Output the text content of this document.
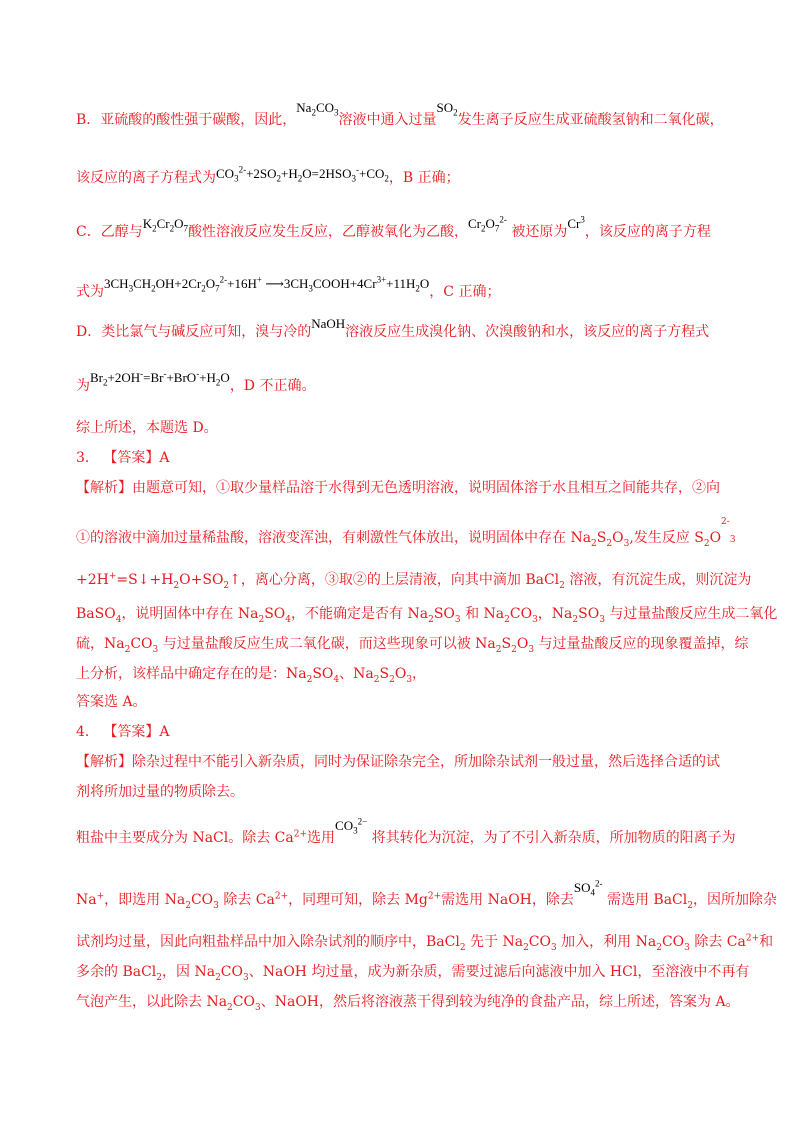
B．亚硫酸的酸性强于碳酸，因此，$Na_2CO_3$溶液中通入过量$SO_2$发生离子反应生成亚硫酸氢钠和二氧化碳，
该反应的离子方程式为$CO_3^{2-}+2SO_2+H_2O=2HSO_3^-+CO_2$，B 正确；
C．乙醇与$K_2Cr_2O_7$酸性溶液反应发生反应，乙醇被氧化为乙酸，$Cr_2O_7^{2-}$ 被还原为Cr$^3$，该反应的离子方程
式为$3CH_3CH_2OH+2Cr_2O_7^{2-}+16H^+$ $⟶3CH_3COOH+4Cr^{3+}+11H_2O$，C 正确；
D．类比氯气与碱反应可知，溴与冷的NaOH溶液反应生成溴化钠、次溴酸钠和水，该反应的离子方程式
为$Br_2+2OH^-=Br^-+BrO^-+H_2O$，D 不正确。
综上所述，本题选 D。
3． 【答案】A
【解析】由题意可知，①取少量样品溶于水得到无色透明溶液，说明固体溶于水且相互之间能共存，②向
①的溶液中滴加过量稀盐酸，溶液变浑浊，有刺激性气体放出，说明固体中存在 $Na_2S_2O_3$,发生反应 $S_2O^{^{2-}}3$
$+2H^+=S↓+H_2O+SO_2↑$，离心分离，③取②的上层清液，向其中滴加 BaCl$_2$ 溶液，有沉淀生成，则沉淀为
BaSO$_4$，说明固体中存在 $Na_2SO_4$，不能确定是否有 $Na_2SO_3$ 和 $Na_2CO_3$，$Na_2SO_3$ 与过量盐酸反应生成二氧化
硫，$Na_2CO_3$ 与过量盐酸反应生成二氧化碳，而这些现象可以被 $Na_2S_2O_3$ 与过量盐酸反应的现象覆盖掉，综
上分析，该样品中确定存在的是：$Na_2SO_4$、$Na_2S_2O_3$，
答案选 A。
4． 【答案】A
【解析】除杂过程中不能引入新杂质，同时为保证除杂完全，所加除杂试剂一般过量，然后选择合适的试
剂将所加过量的物质除去。
粗盐中主要成分为 NaCl。除去 $Ca^{2+}$选用$CO_3^{2-}$ 将其转化为沉淀，为了不引入新杂质，所加物质的阳离子为
Na+，即选用 $Na_2CO_3$ 除去 $Ca^{2+}$，同理可知，除去 $Mg^{2+}$需选用 NaOH，除去$SO_4^{2-}$ 需选用 BaCl$_2$，因所加除杂
试剂均过量，因此向粗盐样品中加入除杂试剂的顺序中，BaCl$_2$ 先于 $Na_2CO_3$ 加入，利用 $Na_2CO_3$ 除去 $Ca^{2+}$和
多余的 BaCl$_2$，因 $Na_2CO_3$、NaOH 均过量，成为新杂质，需要过滤后向滤液中加入 HCl，至溶液中不再有
气泡产生，以此除去 $Na_2CO_3$、NaOH，然后将溶液蒸干得到较为纯净的食盐产品，综上所述，答案为 A。
